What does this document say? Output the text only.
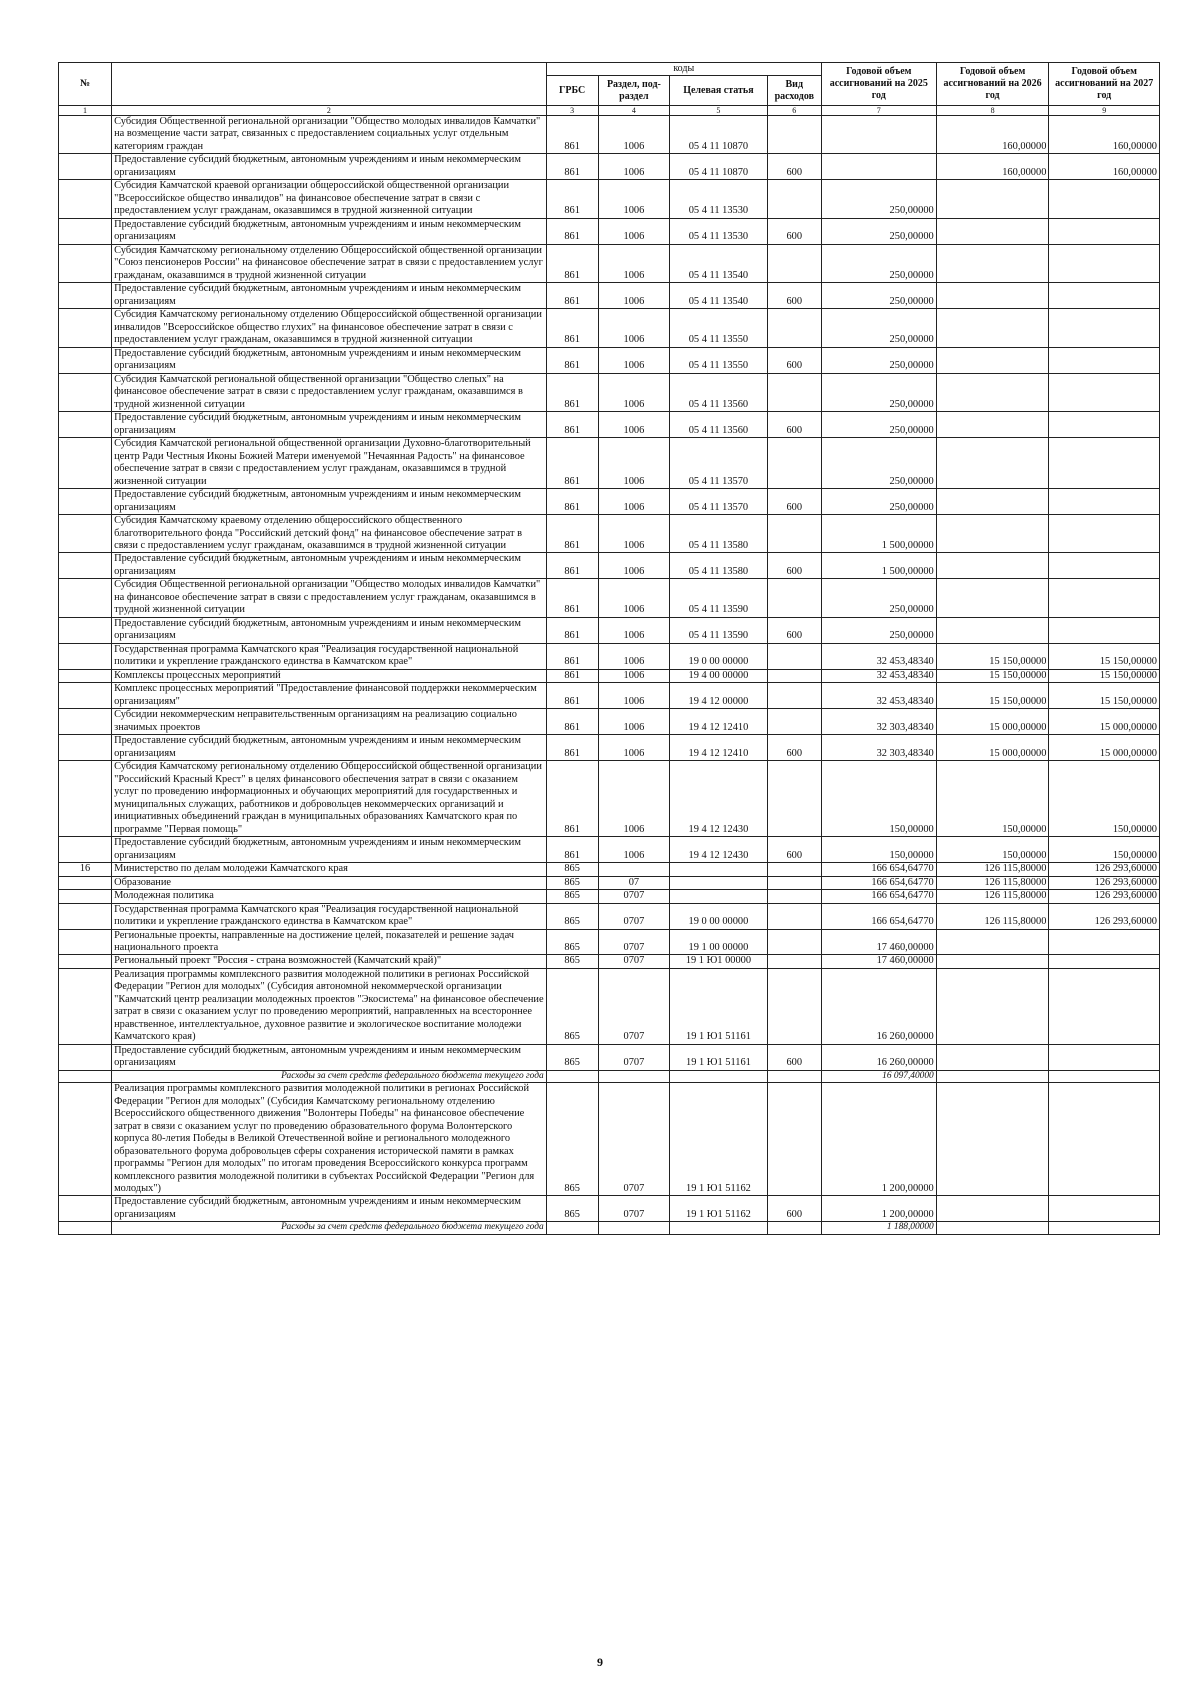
№		коды				Годовой объем ассигнований на 2025 год	Годовой объем ассигнований на 2026 год	Годовой объем ассигнований на 2027 год
		ГРБС	Раздел, под-раздел	Целевая статья	Вид расходов			
1	2	3	4	5	6	7	8	9
	Субсидия Общественной региональной организации "Общество молодых инвалидов Камчатки" на возмещение части затрат, связанных с предоставлением социальных услуг отдельным категориям граждан	861	1006	05 4 11 10870			160,00000	160,00000
	Предоставление субсидий бюджетным, автономным учреждениям и иным некоммерческим организациям	861	1006	05 4 11 10870	600		160,00000	160,00000
	Субсидия Камчатской краевой организации общероссийской общественной организации "Всероссийское общество инвалидов" на финансовое обеспечение затрат в связи с предоставлением услуг гражданам, оказавшимся в трудной жизненной ситуации	861	1006	05 4 11 13530		250,00000		
	Предоставление субсидий бюджетным, автономным учреждениям и иным некоммерческим организациям	861	1006	05 4 11 13530	600	250,00000		
	Субсидия Камчатскому региональному отделению Общероссийской общественной организации "Союз пенсионеров России" на финансовое обеспечение затрат в связи с предоставлением услуг гражданам, оказавшимся в трудной жизненной ситуации	861	1006	05 4 11 13540		250,00000		
	Предоставление субсидий бюджетным, автономным учреждениям и иным некоммерческим организациям	861	1006	05 4 11 13540	600	250,00000		
	Субсидия Камчатскому региональному отделению Общероссийской общественной организации инвалидов "Всероссийское общество глухих" на финансовое обеспечение затрат в связи с предоставлением услуг гражданам, оказавшимся в трудной жизненной ситуации	861	1006	05 4 11 13550		250,00000		
	Предоставление субсидий бюджетным, автономным учреждениям и иным некоммерческим организациям	861	1006	05 4 11 13550	600	250,00000		
	Субсидия Камчатской региональной общественной организации "Общество слепых" на финансовое обеспечение затрат в связи с предоставлением услуг гражданам, оказавшимся в трудной жизненной ситуации	861	1006	05 4 11 13560		250,00000		
	Предоставление субсидий бюджетным, автономным учреждениям и иным некоммерческим организациям	861	1006	05 4 11 13560	600	250,00000		
	Субсидия Камчатской региональной общественной организации Духовно-благотворительный центр Ради Честныя Иконы Божией Матери именуемой "Нечаянная Радость" на финансовое обеспечение затрат в связи с предоставлением услуг гражданам, оказавшимся в трудной жизненной ситуации	861	1006	05 4 11 13570		250,00000		
	Предоставление субсидий бюджетным, автономным учреждениям и иным некоммерческим организациям	861	1006	05 4 11 13570	600	250,00000		
	Субсидия Камчатскому краевому отделению общероссийского общественного благотворительного фонда "Российский детский фонд" на финансовое обеспечение затрат в связи с предоставлением услуг гражданам, оказавшимся в трудной жизненной ситуации	861	1006	05 4 11 13580		1 500,00000		
	Предоставление субсидий бюджетным, автономным учреждениям и иным некоммерческим организациям	861	1006	05 4 11 13580	600	1 500,00000		
	Субсидия Общественной региональной организации "Общество молодых инвалидов Камчатки" на финансовое обеспечение затрат в связи с предоставлением услуг гражданам, оказавшимся в трудной жизненной ситуации	861	1006	05 4 11 13590		250,00000		
	Предоставление субсидий бюджетным, автономным учреждениям и иным некоммерческим организациям	861	1006	05 4 11 13590	600	250,00000		
	Государственная программа Камчатского края "Реализация государственной национальной политики и укрепление гражданского единства в Камчатском крае"	861	1006	19 0 00 00000		32 453,48340	15 150,00000	15 150,00000
	Комплексы процессных мероприятий	861	1006	19 4 00 00000		32 453,48340	15 150,00000	15 150,00000
	Комплекс процессных мероприятий "Предоставление финансовой поддержки некоммерческим организациям"	861	1006	19 4 12 00000		32 453,48340	15 150,00000	15 150,00000
	Субсидии некоммерческим неправительственным организациям на реализацию социально значимых проектов	861	1006	19 4 12 12410		32 303,48340	15 000,00000	15 000,00000
	Предоставление субсидий бюджетным, автономным учреждениям и иным некоммерческим организациям	861	1006	19 4 12 12410	600	32 303,48340	15 000,00000	15 000,00000
	Субсидия Камчатскому региональному отделению Общероссийской общественной организации "Российский Красный Крест" в целях финансового обеспечения затрат в связи с оказанием услуг по проведению информационных и обучающих мероприятий для государственных и муниципальных служащих, работников и добровольцев некоммерческих организаций и инициативных объединений граждан в муниципальных образованиях Камчатского края по программе "Первая помощь"	861	1006	19 4 12 12430		150,00000	150,00000	150,00000
	Предоставление субсидий бюджетным, автономным учреждениям и иным некоммерческим организациям	861	1006	19 4 12 12430	600	150,00000	150,00000	150,00000
16	Министерство по делам молодежи Камчатского края	865				166 654,64770	126 115,80000	126 293,60000
	Образование	865	07			166 654,64770	126 115,80000	126 293,60000
	Молодежная политика	865	0707			166 654,64770	126 115,80000	126 293,60000
	Государственная программа Камчатского края "Реализация государственной национальной политики и укрепление гражданского единства в Камчатском крае"	865	0707	19 0 00 00000		166 654,64770	126 115,80000	126 293,60000
	Региональные проекты, направленные на достижение целей, показателей и решение задач национального проекта	865	0707	19 1 00 00000		17 460,00000		
	Региональный проект "Россия - страна возможностей (Камчатский край)"	865	0707	19 1 Ю1 00000		17 460,00000		
	Реализация программы комплексного развития молодежной политики в регионах Российской Федерации "Регион для молодых" (Субсидия автономной некоммерческой организации "Камчатский центр реализации молодежных проектов "Экосистема" на финансовое обеспечение затрат в связи с оказанием услуг по проведению мероприятий, направленных на всестороннее нравственное, интеллектуальное, духовное развитие и экологическое воспитание молодежи Камчатского края)	865	0707	19 1 Ю1 51161		16 260,00000		
	Предоставление субсидий бюджетным, автономным учреждениям и иным некоммерческим организациям	865	0707	19 1 Ю1 51161	600	16 260,00000		
	Расходы за счет средств федерального бюджета текущего года					16 097,40000		
	Реализация программы комплексного развития молодежной политики в регионах Российской Федерации "Регион для молодых" (Субсидия Камчатскому региональному отделению Всероссийского общественного движения "Волонтеры Победы" на финансовое обеспечение затрат в связи с оказанием услуг по проведению образовательного форума Волонтерского корпуса 80-летия Победы в Великой Отечественной войне и регионального молодежного образовательного форума добровольцев сферы сохранения исторической памяти в рамках программы "Регион для молодых" по итогам проведения Всероссийского конкурса программ комплексного развития молодежной политики в субъектах Российской Федерации "Регион для молодых")	865	0707	19 1 Ю1 51162		1 200,00000		
	Предоставление субсидий бюджетным, автономным учреждениям и иным некоммерческим организациям	865	0707	19 1 Ю1 51162	600	1 200,00000		
	Расходы за счет средств федерального бюджета текущего года					1 188,00000		
9
